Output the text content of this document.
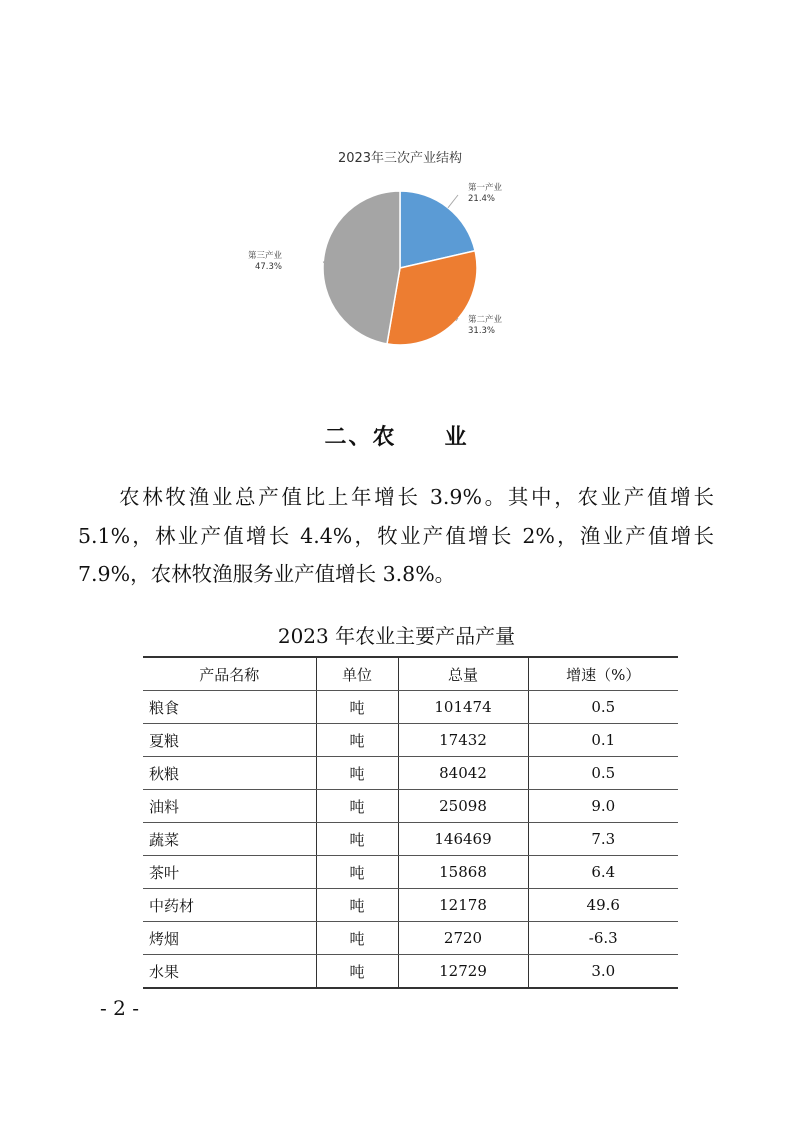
2023年三次产业结构
第一产业
21.4%
第二产业
31.3%
第三产业
47.3%
二、农　　业
农林牧渔业总产值比上年增长 3.9%。其中，农业产值增长 5.1%，林业产值增长 4.4%，牧业产值增长 2%，渔业产值增长 7.9%，农林牧渔服务业产值增长 3.8%。
2023 年农业主要产品产量
产品名称	单位	总量	增速（%）
粮食	吨	101474	0.5
夏粮	吨	17432	0.1
秋粮	吨	84042	0.5
油料	吨	25098	9.0
蔬菜	吨	146469	7.3
茶叶	吨	15868	6.4
中药材	吨	12178	49.6
烤烟	吨	2720	-6.3
水果	吨	12729	3.0
- 2 -
